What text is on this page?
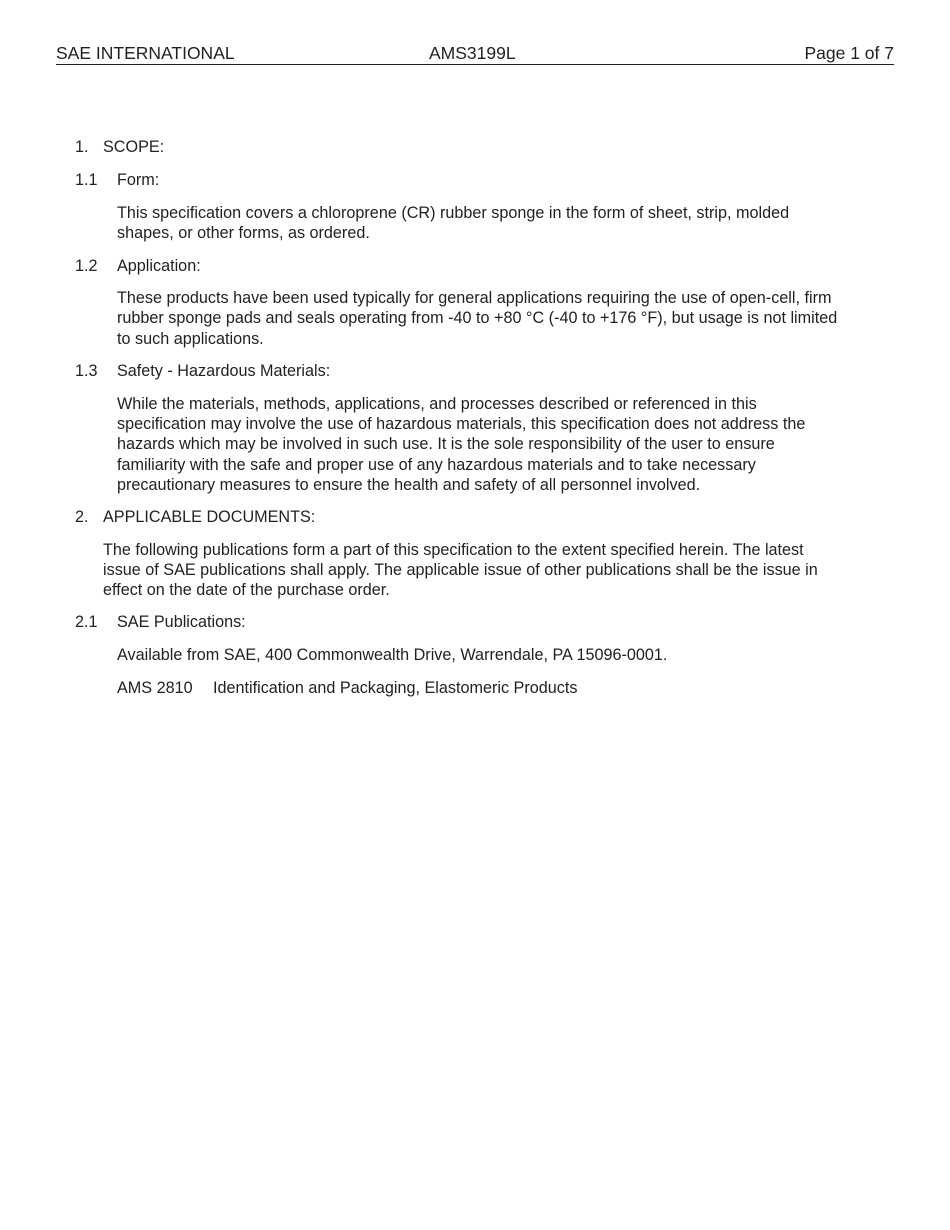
SAE INTERNATIONAL	AMS3199L	Page 1 of 7
1. SCOPE:
1.1 Form:
This specification covers a chloroprene (CR) rubber sponge in the form of sheet, strip, molded
shapes, or other forms, as ordered.
1.2 Application:
These products have been used typically for general applications requiring the use of open-cell, firm
rubber sponge pads and seals operating from -40 to +80 °C (-40 to +176 °F), but usage is not limited
to such applications.
1.3 Safety - Hazardous Materials:
While the materials, methods, applications, and processes described or referenced in this
specification may involve the use of hazardous materials, this specification does not address the
hazards which may be involved in such use. It is the sole responsibility of the user to ensure
familiarity with the safe and proper use of any hazardous materials and to take necessary
precautionary measures to ensure the health and safety of all personnel involved.
2. APPLICABLE DOCUMENTS:
The following publications form a part of this specification to the extent specified herein. The latest
issue of SAE publications shall apply. The applicable issue of other publications shall be the issue in
effect on the date of the purchase order.
2.1 SAE Publications:
Available from SAE, 400 Commonwealth Drive, Warrendale, PA 15096-0001.
AMS 2810 Identification and Packaging, Elastomeric Products
